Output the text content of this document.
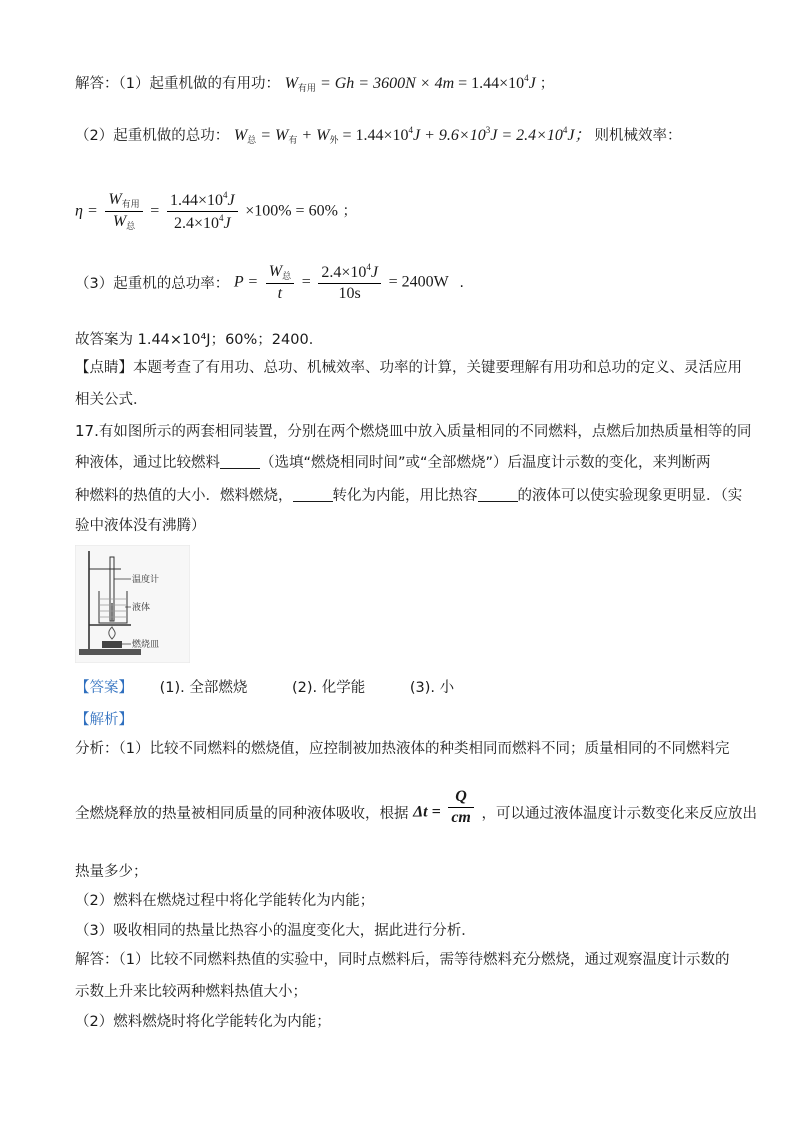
解答：（1）起重机做的有用功： $W_{有用} = Gh = 3600N \times 4m = 1.44\times 10^4J$ ；
（2）起重机做的总功： $W_总 = W_有 + W_外 = 1.44\times 10^4J + 9.6\times 10^3J = 2.4\times 10^4J$； 则机械效率：
$\eta = \frac{W_{有用}}{W_总} = \frac{1.44\times 10^4J}{2.4\times 10^4J} \times 100\% = 60\%$ ；
（3）起重机的总功率： $P = \frac{W_总}{t} = \frac{2.4\times 10^4J}{10s} = 2400W$ .
故答案为 1.44×10⁴J；60%；2400．
【点睛】本题考查了有用功、总功、机械效率、功率的计算，关键要理解有用功和总功的定义、灵活应用
相关公式．
17.有如图所示的两套相同装置，分别在两个燃烧皿中放入质量相同的不同燃料，点燃后加热质量相等的同
种液体，通过比较燃料	（选填“燃烧相同时间”或“全部燃烧”）后温度计示数的变化，来判断两
种燃料的热值的大小．燃料燃烧，	转化为内能，用比热容	的液体可以使实验现象更明显．（实
验中液体没有沸腾）
温度计
液体
燃烧皿
【答案】 (1). 全部燃烧	(2). 化学能	(3). 小
【解析】
分析：（1）比较不同燃料的燃烧值，应控制被加热液体的种类相同而燃料不同；质量相同的不同燃料完
全燃烧释放的热量被相同质量的同种液体吸收，根据 $\Delta t = \frac{Q}{cm}$ ，可以通过液体温度计示数变化来反应放出
热量多少；
（2）燃料在燃烧过程中将化学能转化为内能；
（3）吸收相同的热量比热容小的温度变化大，据此进行分析．
解答：（1）比较不同燃料热值的实验中，同时点燃料后，需等待燃料充分燃烧，通过观察温度计示数的
示数上升来比较两种燃料热值大小；
（2）燃料燃烧时将化学能转化为内能；
